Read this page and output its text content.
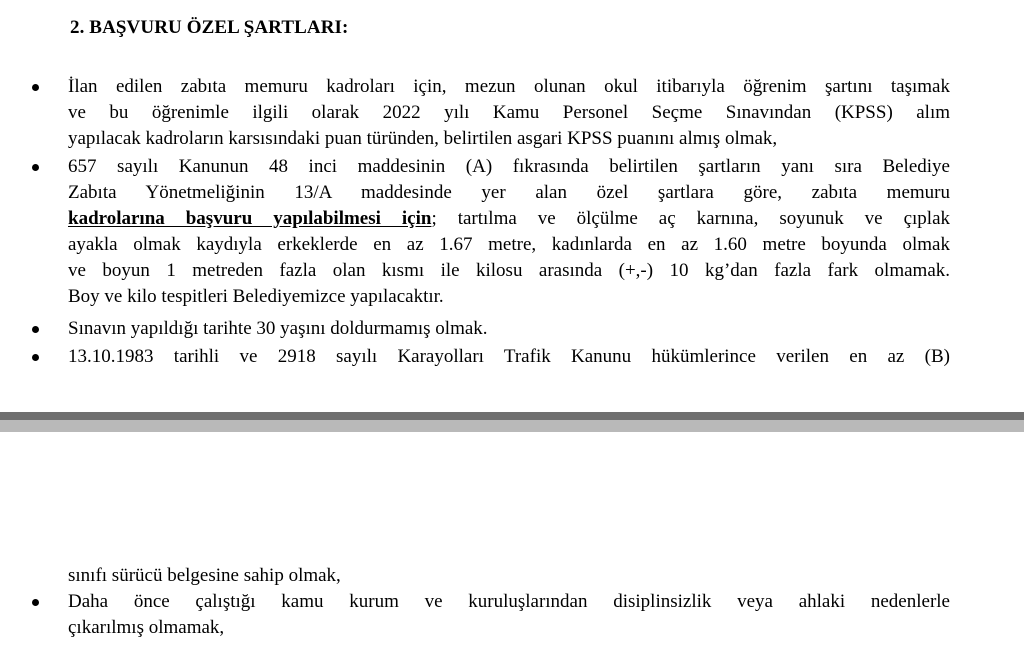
2. BAŞVURU ÖZEL ŞARTLARI:
İlan edilen zabıta memuru kadroları için, mezun olunan okul itibarıyla öğrenim şartını taşımak
ve bu öğrenimle ilgili olarak 2022 yılı Kamu Personel Seçme Sınavından (KPSS) alım
yapılacak kadroların karsısındaki puan türünden, belirtilen asgari KPSS puanını almış olmak,
657 sayılı Kanunun 48 inci maddesinin (A) fıkrasında belirtilen şartların yanı sıra Belediye
Zabıta Yönetmeliğinin 13/A maddesinde yer alan özel şartlara göre, zabıta memuru
kadrolarına başvuru yapılabilmesi için; tartılma ve ölçülme aç karnına, soyunuk ve çıplak
ayakla olmak kaydıyla erkeklerde en az 1.67 metre, kadınlarda en az 1.60 metre boyunda olmak
ve boyun 1 metreden fazla olan kısmı ile kilosu arasında (+,-) 10 kg’dan fazla fark olmamak.
Boy ve kilo tespitleri Belediyemizce yapılacaktır.
Sınavın yapıldığı tarihte 30 yaşını doldurmamış olmak.
13.10.1983 tarihli ve 2918 sayılı Karayolları Trafik Kanunu hükümlerince verilen en az (B)
sınıfı sürücü belgesine sahip olmak,
Daha önce çalıştığı kamu kurum ve kuruluşlarından disiplinsizlik veya ahlaki nedenlerle
çıkarılmış olmamak,
